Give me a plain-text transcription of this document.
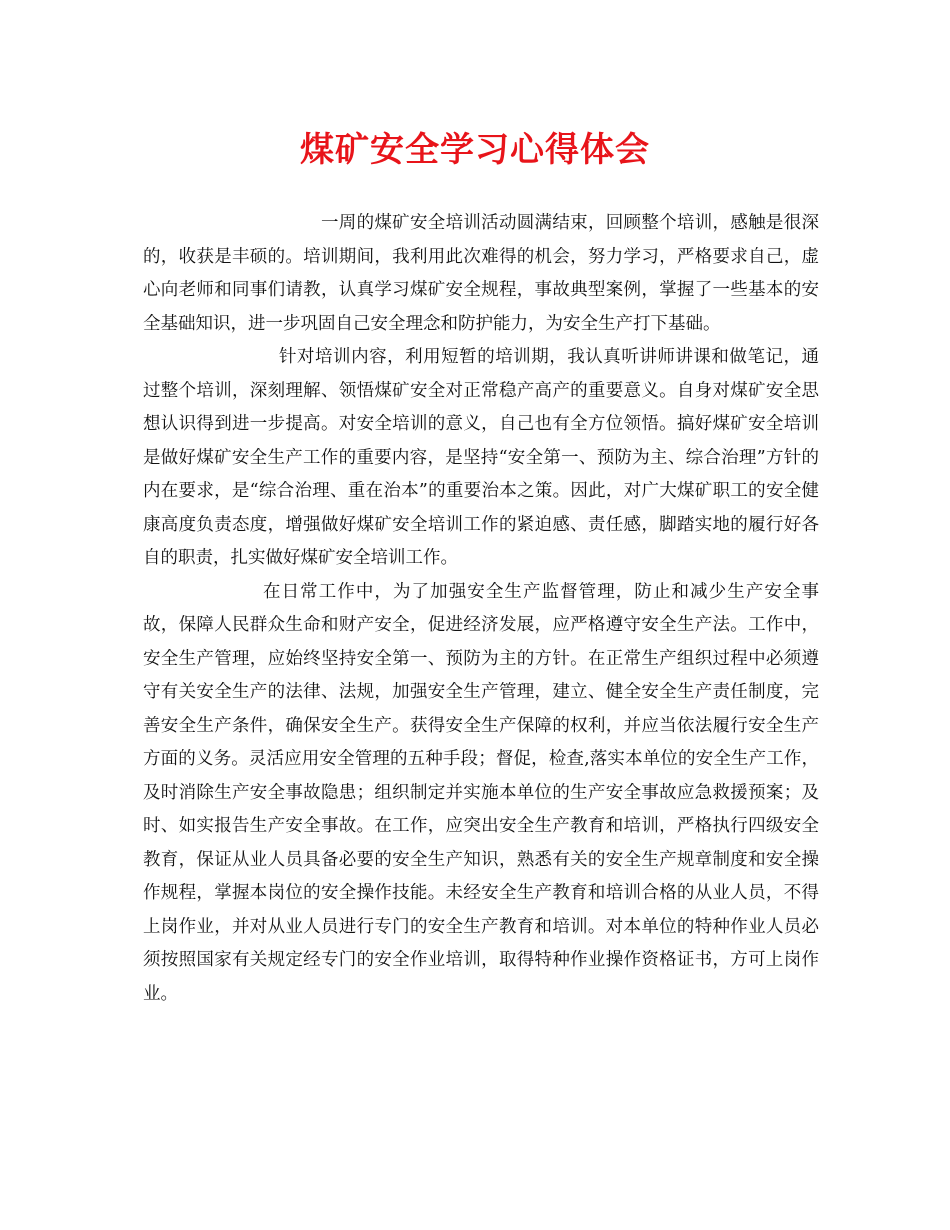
煤矿安全学习心得体会

一周的煤矿安全培训活动圆满结束，回顾整个培训，感触是很深的，收获是丰硕的。培训期间，我利用此次难得的机会，努力学习，严格要求自己，虚心向老师和同事们请教，认真学习煤矿安全规程，事故典型案例，掌握了一些基本的安全基础知识，进一步巩固自己安全理念和防护能力，为安全生产打下基础。

针对培训内容，利用短暂的培训期，我认真听讲师讲课和做笔记，通过整个培训，深刻理解、领悟煤矿安全对正常稳产高产的重要意义。自身对煤矿安全思想认识得到进一步提高。对安全培训的意义，自己也有全方位领悟。搞好煤矿安全培训是做好煤矿安全生产工作的重要内容，是坚持“安全第一、预防为主、综合治理”方针的内在要求，是“综合治理、重在治本”的重要治本之策。因此，对广大煤矿职工的安全健康高度负责态度，增强做好煤矿安全培训工作的紧迫感、责任感，脚踏实地的履行好各自的职责，扎实做好煤矿安全培训工作。

在日常工作中，为了加强安全生产监督管理，防止和减少生产安全事故，保障人民群众生命和财产安全，促进经济发展，应严格遵守安全生产法。工作中，安全生产管理，应始终坚持安全第一、预防为主的方针。在正常生产组织过程中必须遵守有关安全生产的法律、法规，加强安全生产管理，建立、健全安全生产责任制度，完善安全生产条件，确保安全生产。获得安全生产保障的权利，并应当依法履行安全生产方面的义务。灵活应用安全管理的五种手段；督促，检查,落实本单位的安全生产工作，及时消除生产安全事故隐患；组织制定并实施本单位的生产安全事故应急救援预案；及时、如实报告生产安全事故。在工作，应突出安全生产教育和培训，严格执行四级安全教育，保证从业人员具备必要的安全生产知识，熟悉有关的安全生产规章制度和安全操作规程，掌握本岗位的安全操作技能。未经安全生产教育和培训合格的从业人员，不得上岗作业，并对从业人员进行专门的安全生产教育和培训。对本单位的特种作业人员必须按照国家有关规定经专门的安全作业培训，取得特种作业操作资格证书，方可上岗作业。
